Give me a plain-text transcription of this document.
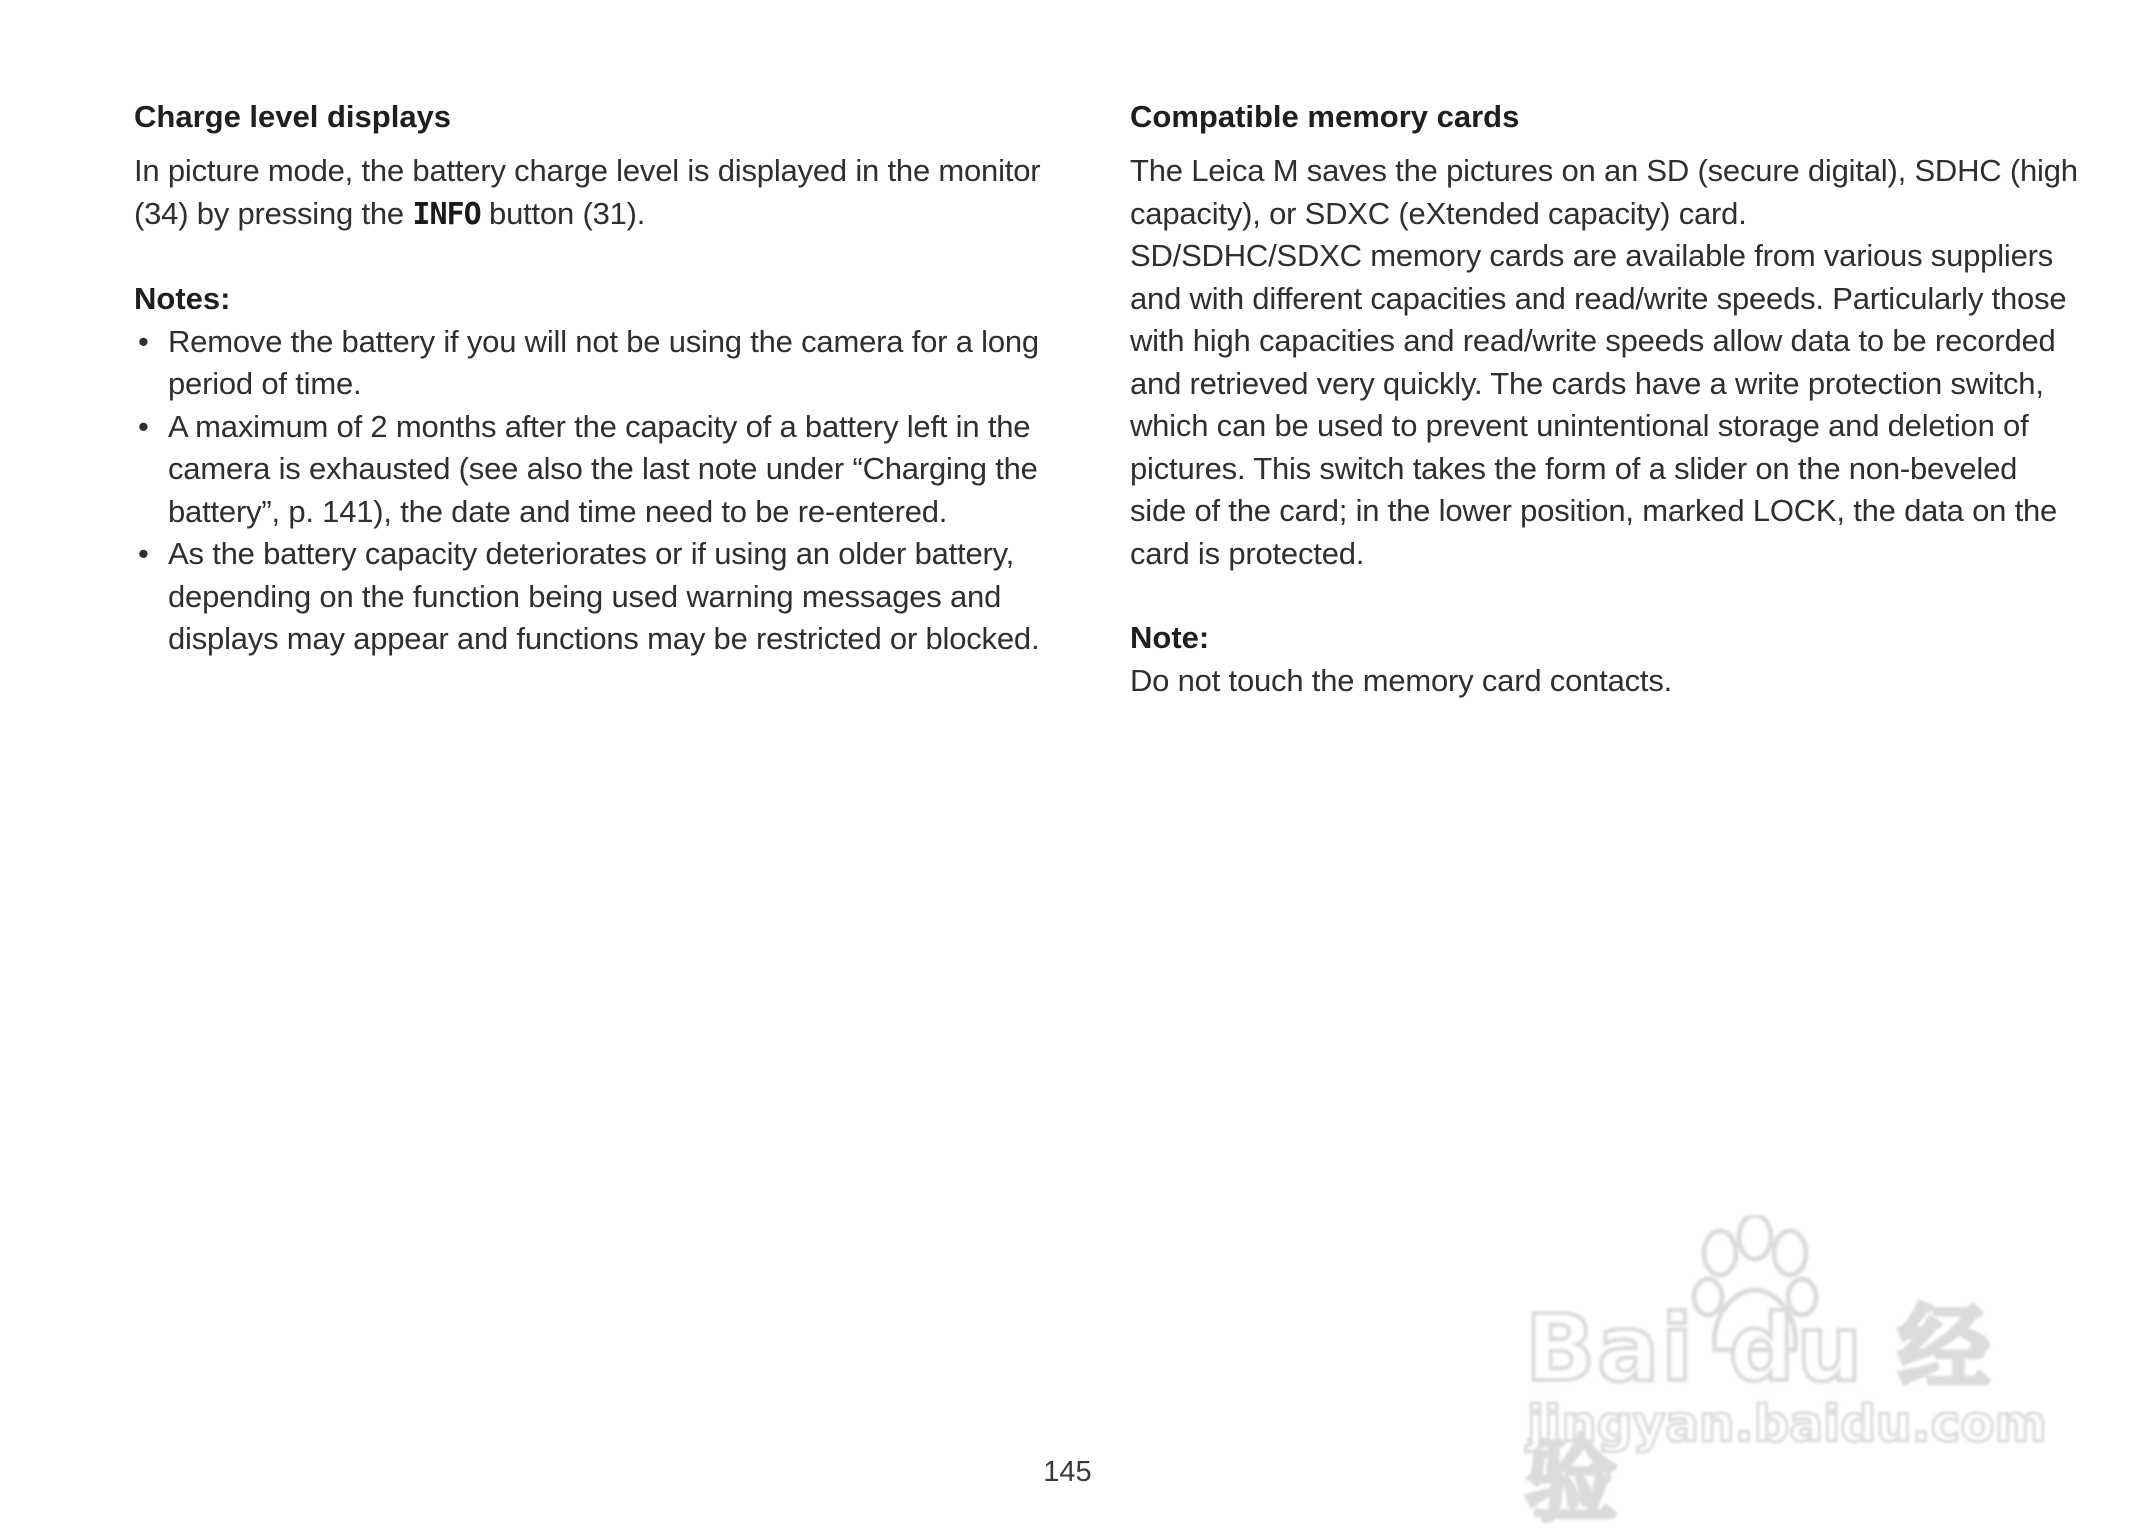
Charge level displays

In picture mode, the battery charge level is displayed in the monitor (34) by pressing the INFO button (31).

Notes:
• Remove the battery if you will not be using the camera for a long period of time.
• A maximum of 2 months after the capacity of a battery left in the camera is exhausted (see also the last note under “Charging the battery”, p. 141), the date and time need to be re-entered.
• As the battery capacity deteriorates or if using an older battery, depending on the function being used warning messages and displays may appear and functions may be restricted or blocked.
Compatible memory cards

The Leica M saves the pictures on an SD (secure digital), SDHC (high capacity), or SDXC (eXtended capacity) card.

SD/SDHC/SDXC memory cards are available from various suppliers and with different capacities and read/write speeds. Particularly those with high capacities and read/write speeds allow data to be recorded and retrieved very quickly. The cards have a write protection switch, which can be used to prevent unintentional storage and deletion of pictures. This switch takes the form of a slider on the non-beveled side of the card; in the lower position, marked LOCK, the data on the card is protected.

Note:

Do not touch the memory card contacts.

145
Bai du 经验
jingyan.baidu.com
